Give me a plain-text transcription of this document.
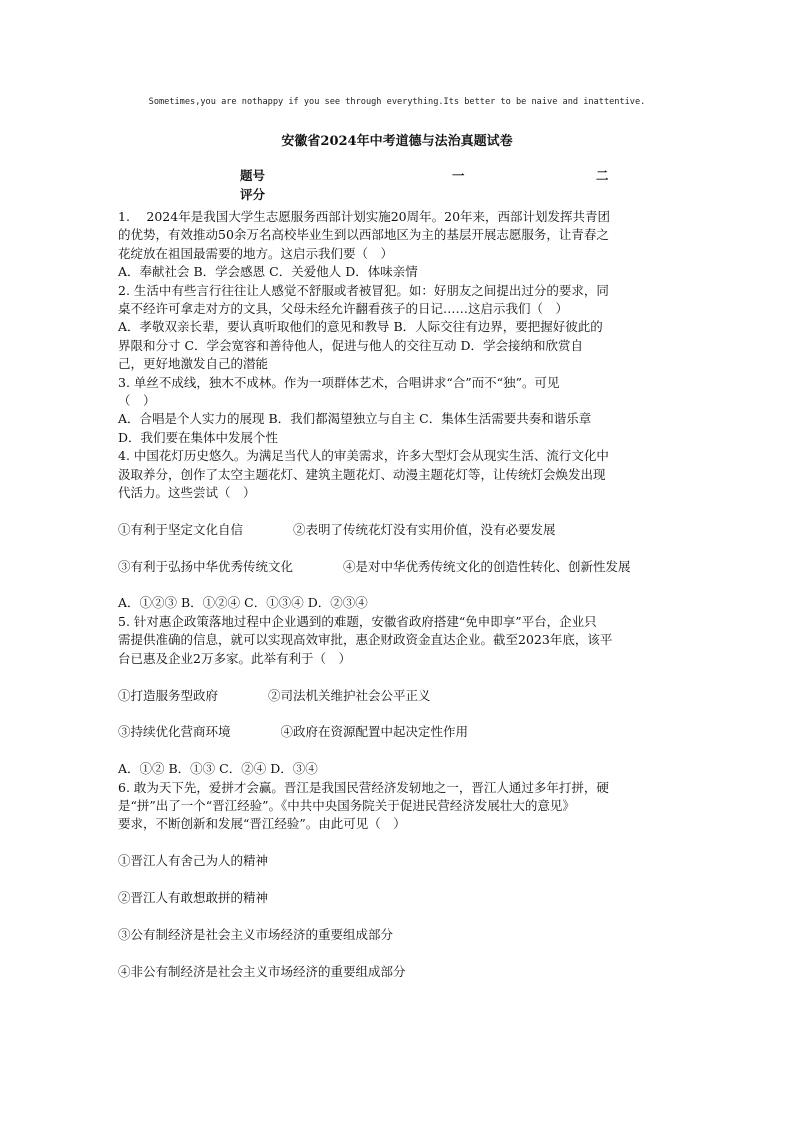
Sometimes,you are nothappy if you see through everything.Its better to be naive and inattentive.
安徽省2024年中考道德与法治真题试卷
题号	一	二
评分

1.　 2024年是我国大学生志愿服务西部计划实施20周年。20年来，西部计划发挥共青团

的优势，有效推动50余万名高校毕业生到以西部地区为主的基层开展志愿服务，让青春之

花绽放在祖国最需要的地方。这启示我们要（　）

A．奉献社会 B．学会感恩 C．关爱他人 D．体味亲情

2. 生活中有些言行往往让人感觉不舒服或者被冒犯。如：好朋友之间提出过分的要求，同

桌不经许可拿走对方的文具，父母未经允许翻看孩子的日记……这启示我们（　）

A．孝敬双亲长辈，要认真听取他们的意见和教导 B．人际交往有边界，要把握好彼此的

界限和分寸 C．学会宽容和善待他人，促进与他人的交往互动 D．学会接纳和欣赏自

己，更好地激发自己的潜能

3. 单丝不成线，独木不成林。作为一项群体艺术，合唱讲求“合”而不“独”。可见

（　）

A．合唱是个人实力的展现 B．我们都渴望独立与自主 C．集体生活需要共奏和谐乐章

D．我们要在集体中发展个性

4. 中国花灯历史悠久。为满足当代人的审美需求，许多大型灯会从现实生活、流行文化中

汲取养分，创作了太空主题花灯、建筑主题花灯、动漫主题花灯等，让传统灯会焕发出现

代活力。这些尝试（　）

①有利于坚定文化自信　　　　②表明了传统花灯没有实用价值，没有必要发展

③有利于弘扬中华优秀传统文化　　　　④是对中华优秀传统文化的创造性转化、创新性发展

A．①②③ B．①②④ C．①③④ D．②③④

5. 针对惠企政策落地过程中企业遇到的难题，安徽省政府搭建“免申即享”平台，企业只

需提供准确的信息，就可以实现高效审批，惠企财政资金直达企业。截至2023年底，该平

台已惠及企业2万多家。此举有利于（　）

①打造服务型政府　　　　②司法机关维护社会公平正义

③持续优化营商环境　　　　④政府在资源配置中起决定性作用

A．①② B．①③ C．②④ D．③④

6. 敢为天下先，爱拼才会赢。晋江是我国民营经济发轫地之一，晋江人通过多年打拼，硬

是“拼”出了一个“晋江经验”。《中共中央国务院关于促进民营经济发展壮大的意见》

要求，不断创新和发展“晋江经验”。由此可见（　）

①晋江人有舍己为人的精神

②晋江人有敢想敢拼的精神

③公有制经济是社会主义市场经济的重要组成部分

④非公有制经济是社会主义市场经济的重要组成部分
